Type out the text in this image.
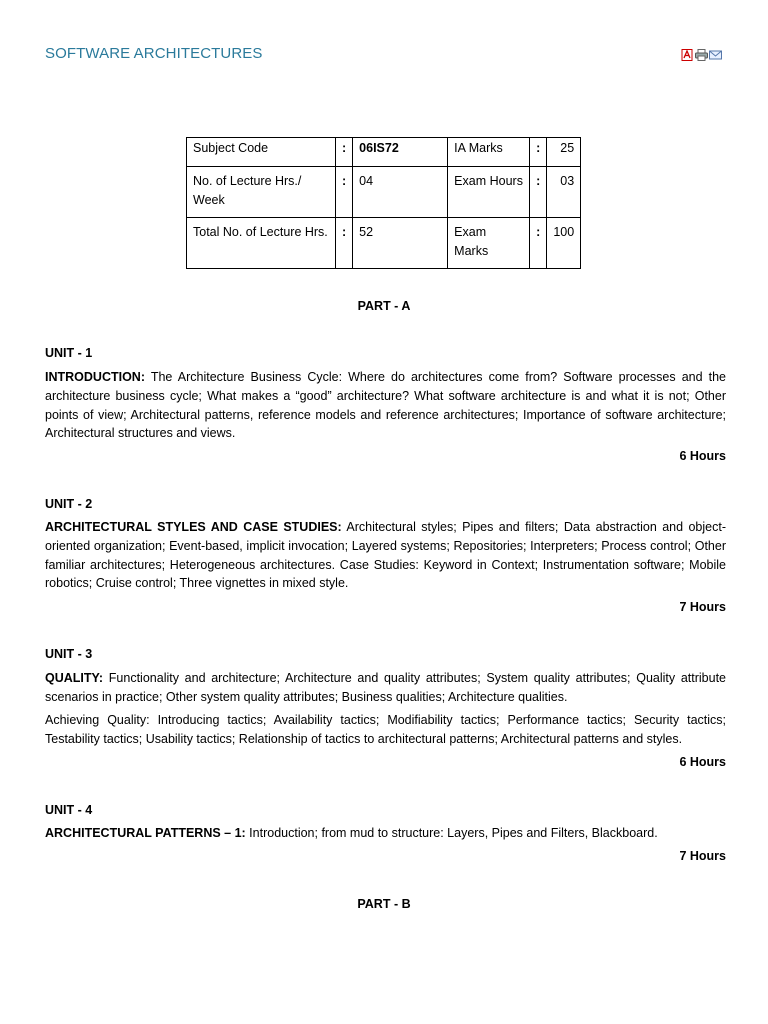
SOFTWARE ARCHITECTURES
Subject Code	:	06IS72	IA Marks	:	25
No. of Lecture Hrs./ Week	:	04	Exam Hours	:	03
Total No. of Lecture Hrs.	:	52	Exam Marks	:	100
PART - A
UNIT - 1
INTRODUCTION: The Architecture Business Cycle: Where do architectures come from? Software processes and the architecture business cycle; What makes a “good” architecture? What software architecture is and what it is not; Other points of view; Architectural patterns, reference models and reference architectures; Importance of software architecture; Architectural structures and views.
6 Hours
UNIT - 2
ARCHITECTURAL STYLES AND CASE STUDIES: Architectural styles; Pipes and filters; Data abstraction and object-oriented organization; Event-based, implicit invocation; Layered systems; Repositories; Interpreters; Process control; Other familiar architectures; Heterogeneous architectures. Case Studies: Keyword in Context; Instrumentation software; Mobile robotics; Cruise control; Three vignettes in mixed style.
7 Hours
UNIT - 3
QUALITY: Functionality and architecture; Architecture and quality attributes; System quality attributes; Quality attribute scenarios in practice; Other system quality attributes; Business qualities; Architecture qualities.
Achieving Quality: Introducing tactics; Availability tactics; Modifiability tactics; Performance tactics; Security tactics; Testability tactics; Usability tactics; Relationship of tactics to architectural patterns; Architectural patterns and styles.
6 Hours
UNIT - 4
ARCHITECTURAL PATTERNS – 1: Introduction; from mud to structure: Layers, Pipes and Filters, Blackboard.
7 Hours
PART - B
